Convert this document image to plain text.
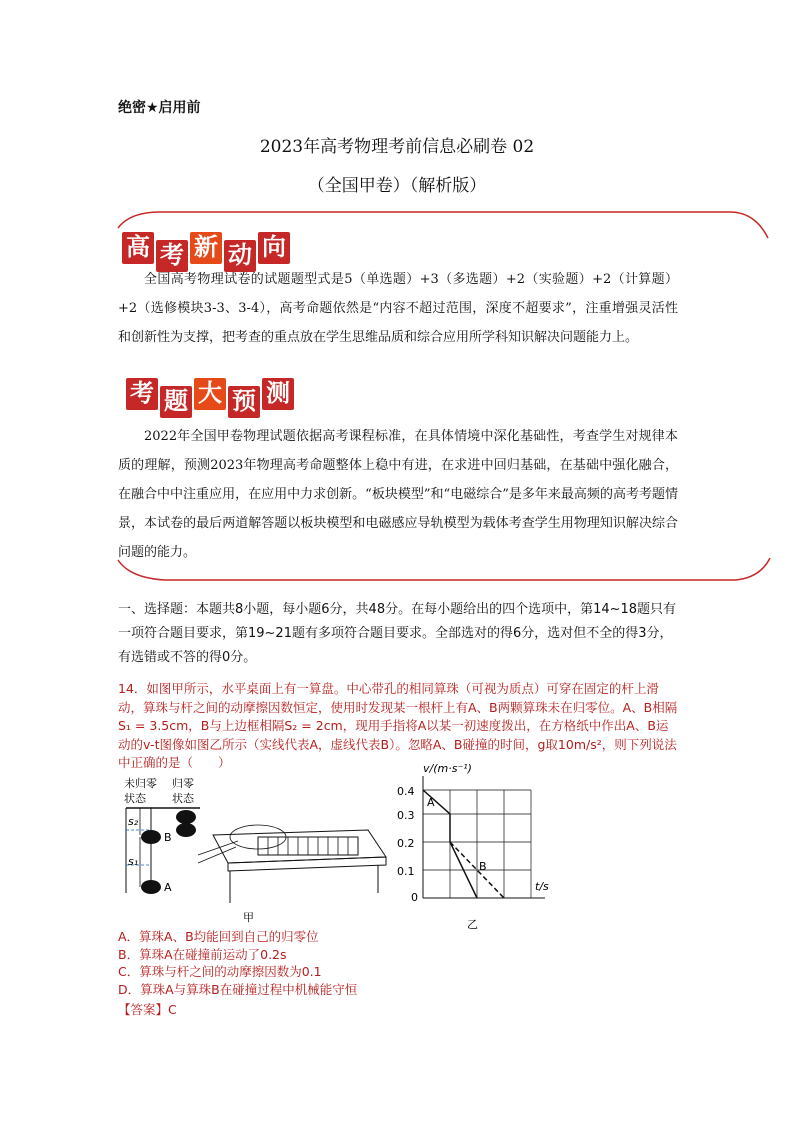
绝密★启用前
2023年高考物理考前信息必刷卷 02
（全国甲卷）（解析版）
高 考 新 动 向
全国高考物理试卷的试题题型式是5（单选题）+3（多选题）+2（实验题）+2（计算题）+2（选修模块3-3、3-4），高考命题依然是“内容不超过范围，深度不超要求”，注重增强灵活性和创新性为支撑，把考查的重点放在学生思维品质和综合应用所学科知识解决问题能力上。
考 题 大 预 测
2022年全国甲卷物理试题依据高考课程标准，在具体情境中深化基础性，考查学生对规律本质的理解，预测2023年物理高考命题整体上稳中有进，在求进中回归基础，在基础中强化融合，在融合中中注重应用，在应用中力求创新。“板块模型”和“电磁综合”是多年来最高频的高考考题情景，本试卷的最后两道解答题以板块模型和电磁感应导轨模型为载体考查学生用物理知识解决综合问题的能力。
一、选择题：本题共8小题，每小题6分，共48分。在每小题给出的四个选项中，第14~18题只有一项符合题目要求，第19~21题有多项符合题目要求。全部选对的得6分，选对但不全的得3分，有选错或不答的得0分。
14．如图甲所示，水平桌面上有一算盘。中心带孔的相同算珠（可视为质点）可穿在固定的杆上滑动，算珠与杆之间的动摩擦因数恒定，使用时发现某一根杆上有A、B两颗算珠未在归零位。A、B相隔S₁ = 3.5cm，B与上边框相隔S₂ = 2cm，现用手指将A以某一初速度拨出，在方格纸中作出A、B运动的v-t图像如图乙所示（实线代表A，虚线代表B）。忽略A、B碰撞的时间，g取10m/s²，则下列说法中正确的是（　　）
未归零
状态
归零
状态
s₂
s₁
B
A
甲
v/(m·s⁻¹)
t/s
0
0.1
0.2
0.3
0.4
A
B
乙
A．算珠A、B均能回到自己的归零位
B．算珠A在碰撞前运动了0.2s
C．算珠与杆之间的动摩擦因数为0.1
D．算珠A与算珠B在碰撞过程中机械能守恒
【答案】C
